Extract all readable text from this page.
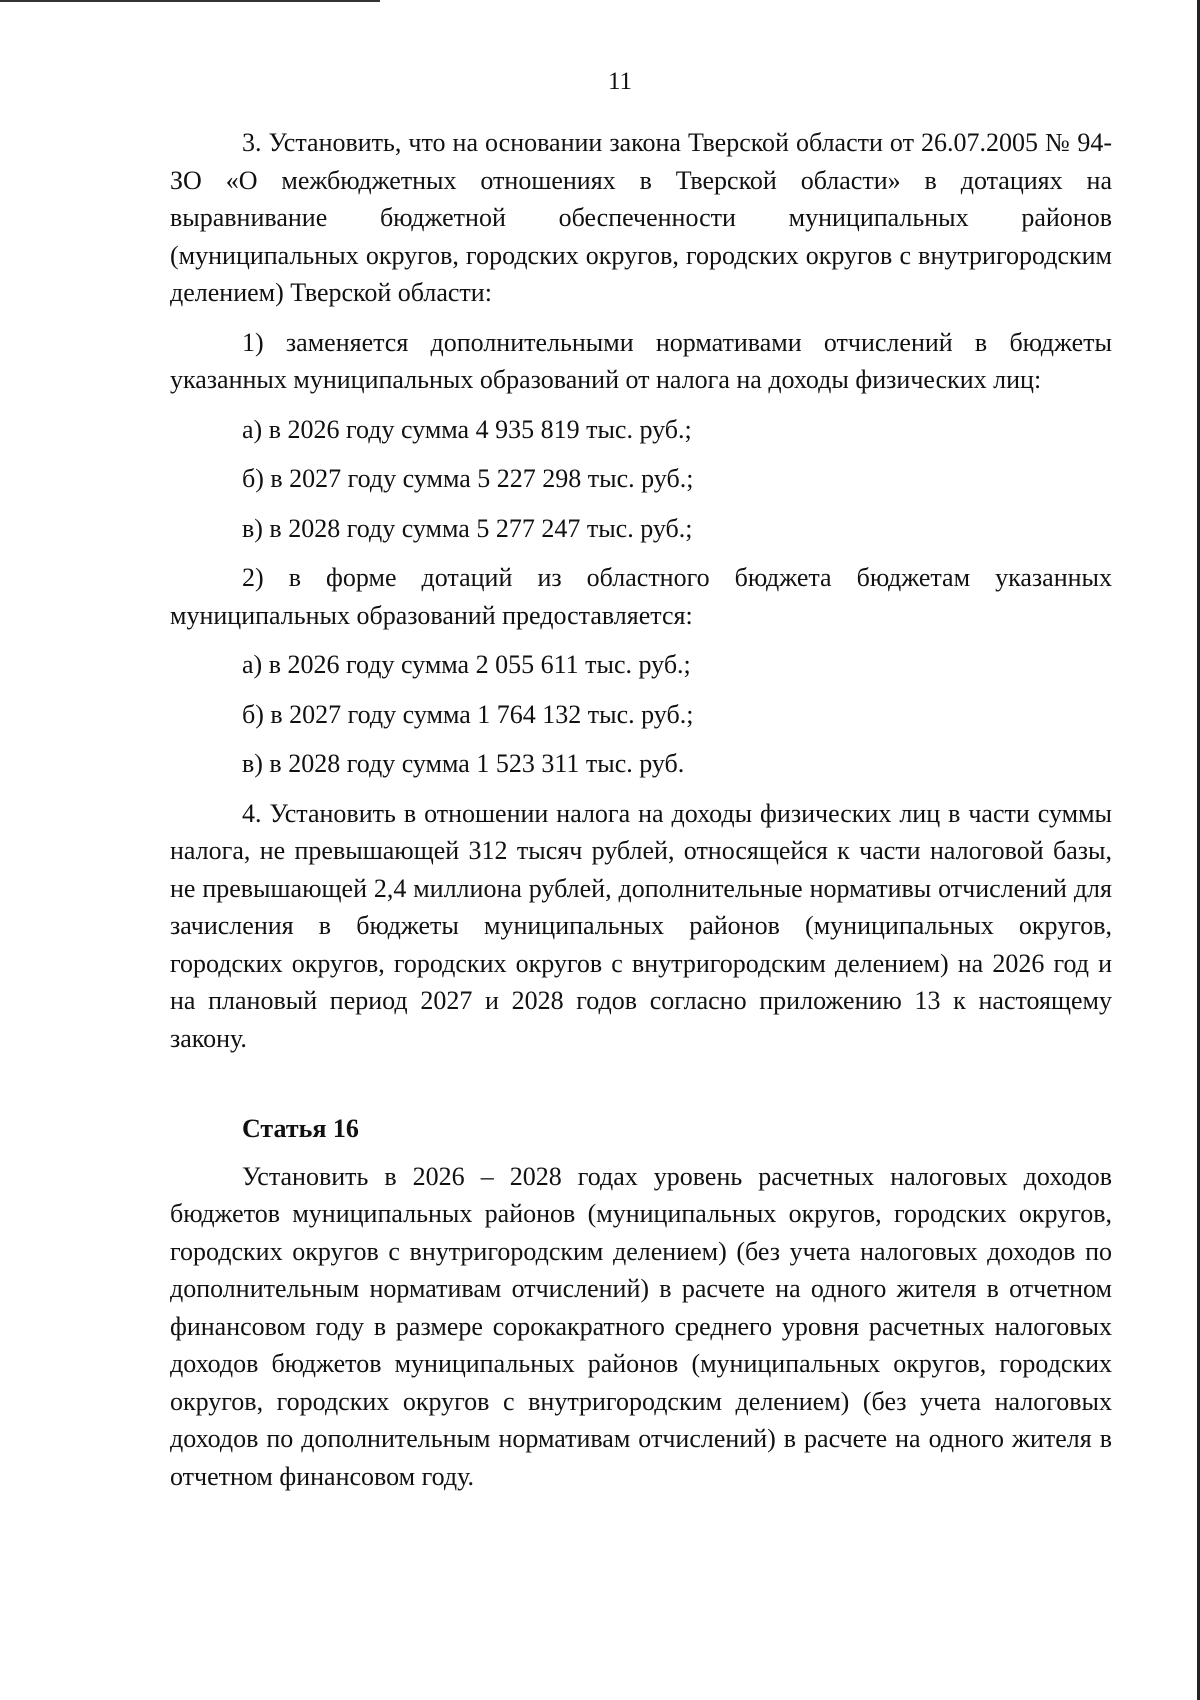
11

3. Установить, что на основании закона Тверской области от 26.07.2005 № 94-ЗО «О межбюджетных отношениях в Тверской области» в дотациях на выравнивание бюджетной обеспеченности муниципальных районов (муниципальных округов, городских округов, городских округов с внутригородским делением) Тверской области:

1) заменяется дополнительными нормативами отчислений в бюджеты указанных муниципальных образований от налога на доходы физических лиц:

а) в 2026 году сумма 4 935 819 тыс. руб.;

б) в 2027 году сумма 5 227 298 тыс. руб.;

в) в 2028 году сумма 5 277 247 тыс. руб.;

2) в форме дотаций из областного бюджета бюджетам указанных муниципальных образований предоставляется:

а) в 2026 году сумма 2 055 611 тыс. руб.;

б) в 2027 году сумма 1 764 132 тыс. руб.;

в) в 2028 году сумма 1 523 311 тыс. руб.

4. Установить в отношении налога на доходы физических лиц в части суммы налога, не превышающей 312 тысяч рублей, относящейся к части налоговой базы, не превышающей 2,4 миллиона рублей, дополнительные нормативы отчислений для зачисления в бюджеты муниципальных районов (муниципальных округов, городских округов, городских округов с внутригородским делением) на 2026 год и на плановый период 2027 и 2028 годов согласно приложению 13 к настоящему закону.

Статья 16

Установить в 2026 – 2028 годах уровень расчетных налоговых доходов бюджетов муниципальных районов (муниципальных округов, городских округов, городских округов с внутригородским делением) (без учета налоговых доходов по дополнительным нормативам отчислений) в расчете на одного жителя в отчетном финансовом году в размере сорокакратного среднего уровня расчетных налоговых доходов бюджетов муниципальных районов (муниципальных округов, городских округов, городских округов с внутригородским делением) (без учета налоговых доходов по дополнительным нормативам отчислений) в расчете на одного жителя в отчетном финансовом году.
